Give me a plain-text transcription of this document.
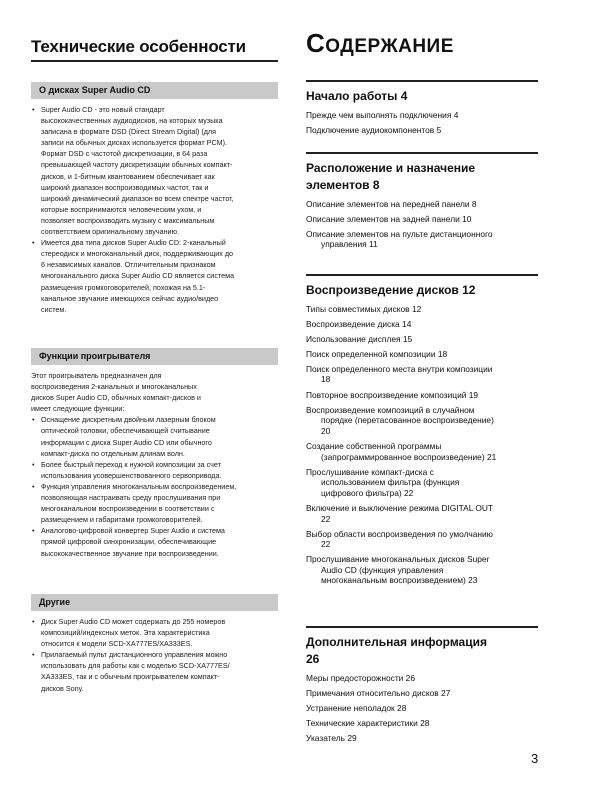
Технические особенности
О дисках Super Audio CD
• Super Audio CD - это новый стандарт
высококачественных аудиодисков, на которых музыка
записана в формате DSD (Direct Stream Digital) (для
записи на обычных дисках используется формат PCM).
Формат DSD с частотой дискретизации, в 64 раза
превышающей частоту дискретизации обычных компакт-
дисков, и 1-битным квантованием обеспечивает как
широкий диапазон воспроизводимых частот, так и
широкий динамический диапазон во всем спектре частот,
которые воспринимаются человеческим ухом, и
позволяет воспроизводить музыку с максимальным
соответствием оригинальному звучанию.
• Имеется два типа дисков Super Audio CD: 2-канальный
стереодиск и многоканальный диск, поддерживающих до
6 независимых каналов. Отличительным признаком
многоканального диска Super Audio CD является система
размещения громкоговорителей, похожая на 5.1-
канальное звучание имеющихся сейчас аудио/видео
систем.
Функции проигрывателя
Этот проигрыватель предназначен для
воспроизведения 2-канальных и многоканальных
дисков Super Audio CD, обычных компакт-дисков и
имеет следующие функции:
• Оснащение дискретным двойным лазерным блоком
оптической головки, обеспечивающей считывание
информации с диска Super Audio CD или обычного
компакт-диска по отдельным длинам волн.
• Более быстрый переход к нужной композиции за счет
использования усовершенствованного сервопривода.
• Функция управления многоканальным воспроизведением,
позволяющая настраивать среду прослушивания при
многоканальном воспроизведении в соответствии с
размещением и габаритами громкоговорителей.
• Аналогово-цифровой конвертер Super Audio и система
прямой цифровой синхронизации, обеспечивающие
высококачественное звучание при воспроизведении.
Другие
• Диск Super Audio CD может содержать до 255 номеров
композиций/индексных меток. Эта характеристика
относится к модели SCD-XA777ES/XA333ES.
• Прилагаемый пульт дистанционного управления можно
использовать для работы как с моделью SCD-XA777ES/
XA333ES, так и с обычным проигрывателем компакт-
дисков Sony.
СОДЕРЖАНИЕ
Начало работы 4
Прежде чем выполнять подключения 4
Подключение аудиокомпонентов 5
Расположение и назначение
элементов 8
Описание элементов на передней панели 8
Описание элементов на задней панели 10
Описание элементов на пульте дистанционного
управления 11
Воспроизведение дисков 12
Типы совместимых дисков 12
Воспроизведение диска 14
Использование дисплея 15
Поиск определенной композиции 18
Поиск определенного места внутри композиции
18
Повторное воспроизведение композиций 19
Воспроизведение композиций в случайном
порядке (перетасованное воспроизведение)
20
Создание собственной программы
(запрограммированное воспроизведение) 21
Прослушивание компакт-диска с
использованием фильтра (функция
цифрового фильтра) 22
Включение и выключение режима DIGITAL OUT
22
Выбор области воспроизведения по умолчанию
22
Прослушивание многоканальных дисков Super
Audio CD (функция управления
многоканальным воспроизведением) 23
Дополнительная информация
26
Меры предосторожности 26
Примечания относительно дисков 27
Устранение неполадок 28
Технические характеристики 28
Указатель 29
3
